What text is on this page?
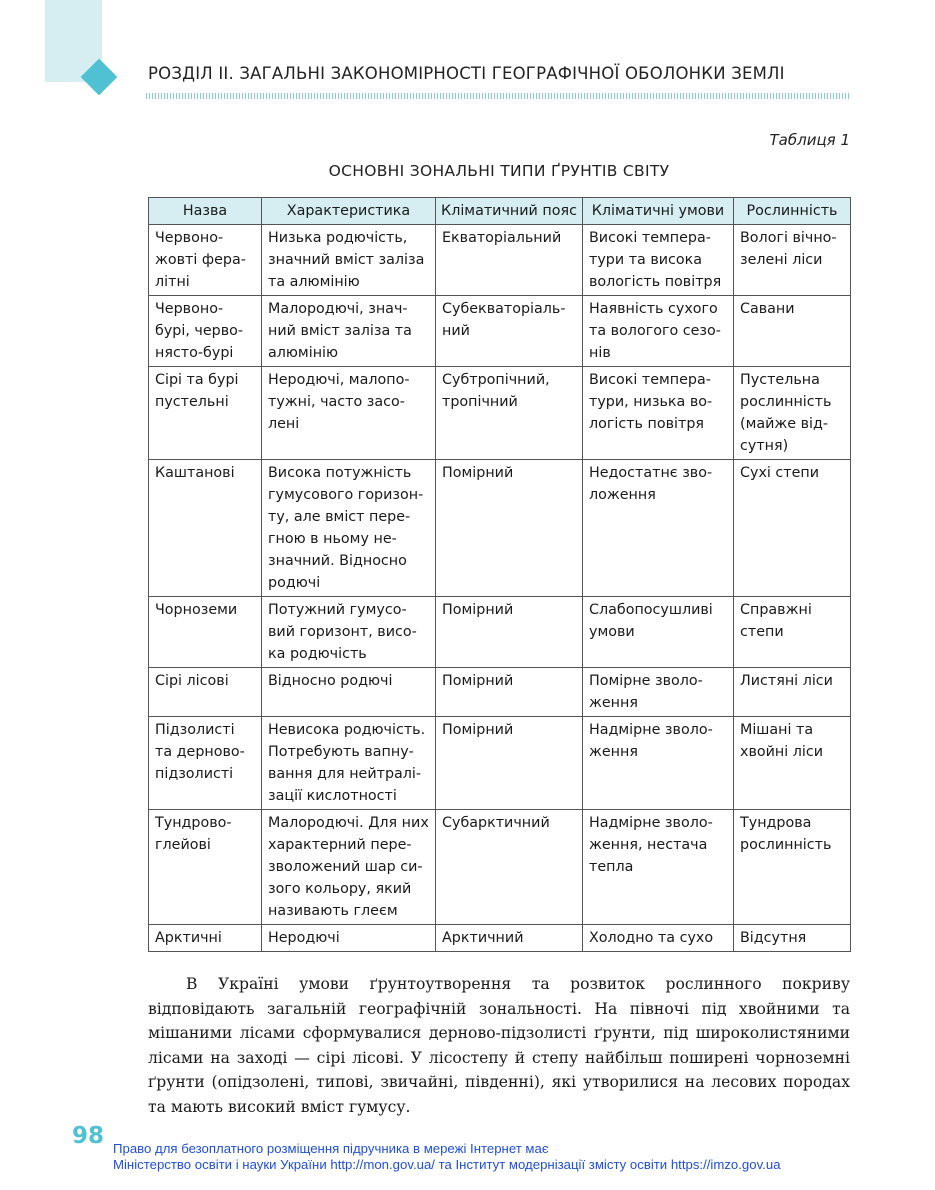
РОЗДІЛ ІІ. ЗАГАЛЬНІ ЗАКОНОМІРНОСТІ ГЕОГРАФІЧНОЇ ОБОЛОНКИ ЗЕМЛІ
Таблиця 1
ОСНОВНІ ЗОНАЛЬНІ ТИПИ ҐРУНТІВ СВІТУ
Назва	Характеристика	Кліматичний пояс	Кліматичні умови	Рослинність
Червоно-жовті фера-літні	Низька родючість, значний вміст заліза та алюмінію	Екваторіальний	Високі темпера-тури та висока вологість повітря	Вологі вічно-зелені ліси
Червоно-бурі, черво-нясто-бурі	Малородючі, знач-ний вміст заліза та алюмінію	Субекваторіаль-ний	Наявність сухого та вологого сезо-нів	Савани
Сірі та бурі пустельні	Неродючі, малопо-тужні, часто засо-лені	Субтропічний, тропічний	Високі темпера-тури, низька во-логість повітря	Пустельна рослинність (майже від-сутня)
Каштанові	Висока потужність гумусового горизон-ту, але вміст пере-гною в ньому не-значний. Відносно родючі	Помірний	Недостатнє зво-ложення	Сухі степи
Чорноземи	Потужний гумусо-вий горизонт, висо-ка родючість	Помірний	Слабопосушливі умови	Справжні степи
Сірі лісові	Відносно родючі	Помірний	Помірне зволо-ження	Листяні ліси
Підзолисті та дерново-підзолисті	Невисока родючість. Потребують вапну-вання для нейтралі-зації кислотності	Помірний	Надмірне зволо-ження	Мішані та хвойні ліси
Тундрово-глейові	Малородючі. Для них характерний пере-зволожений шар си-зого кольору, який називають глеєм	Субарктичний	Надмірне зволо-ження, нестача тепла	Тундрова рослинність
Арктичні	Неродючі	Арктичний	Холодно та сухо	Відсутня

В Україні умови ґрунтоутворення та розвиток рослинного покриву відповідають загальній географічній зональності. На півночі під хвойними та мішаними лісами сформувалися дерново-підзолисті ґрунти, під широколистяними лісами на заході — сірі лісові. У лісостепу й степу найбільш поширені чорноземні ґрунти (опідзолені, типові, звичайні, південні), які утворилися на лесових породах та мають високий вміст гумусу.

98 Право для безоплатного розміщення підручника в мережі Інтернет має
Міністерство освіти і науки України http://mon.gov.ua/ та Інститут модернізації змісту освіти https://imzo.gov.ua
